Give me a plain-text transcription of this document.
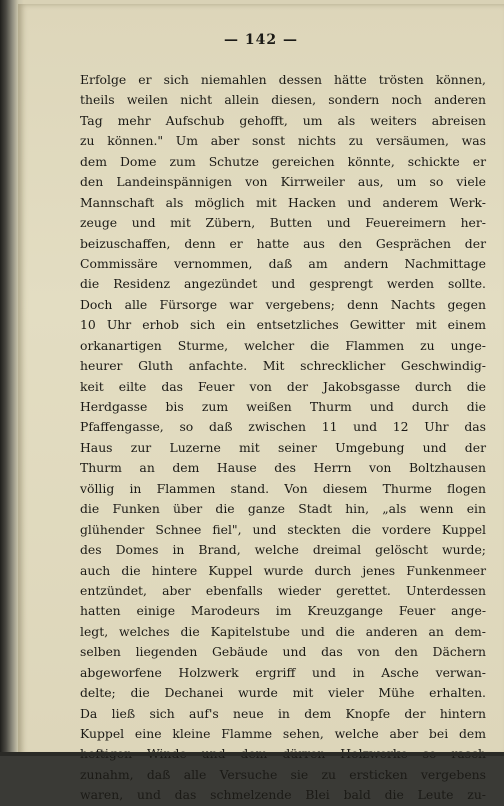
— 142 —
Erfolge er sich niemahlen dessen hätte trösten können,
theils weilen nicht allein diesen, sondern noch anderen
Tag mehr Aufschub gehofft, um als weiters abreisen
zu können." Um aber sonst nichts zu versäumen, was
dem Dome zum Schutze gereichen könnte, schickte er
den Landeinspännigen von Kirrweiler aus, um so viele
Mannschaft als möglich mit Hacken und anderem Werk-
zeuge und mit Zübern, Butten und Feuereimern her-
beizuschaffen, denn er hatte aus den Gesprächen der
Commissäre vernommen, daß am andern Nachmittage
die Residenz angezündet und gesprengt werden sollte.
Doch alle Fürsorge war vergebens; denn Nachts gegen
10 Uhr erhob sich ein entsetzliches Gewitter mit einem
orkanartigen Sturme, welcher die Flammen zu unge-
heurer Gluth anfachte. Mit schrecklicher Geschwindig-
keit eilte das Feuer von der Jakobsgasse durch die
Herdgasse bis zum weißen Thurm und durch die
Pfaffengasse, so daß zwischen 11 und 12 Uhr das
Haus zur Luzerne mit seiner Umgebung und der
Thurm an dem Hause des Herrn von Boltzhausen
völlig in Flammen stand. Von diesem Thurme flogen
die Funken über die ganze Stadt hin, „als wenn ein
glühender Schnee fiel", und steckten die vordere Kuppel
des Domes in Brand, welche dreimal gelöscht wurde;
auch die hintere Kuppel wurde durch jenes Funkenmeer
entzündet, aber ebenfalls wieder gerettet. Unterdessen
hatten einige Marodeurs im Kreuzgange Feuer ange-
legt, welches die Kapitelstube und die anderen an dem-
selben liegenden Gebäude und das von den Dächern
abgeworfene Holzwerk ergriff und in Asche verwan-
delte; die Dechanei wurde mit vieler Mühe erhalten.
Da ließ sich auf's neue in dem Knopfe der hintern
Kuppel eine kleine Flamme sehen, welche aber bei dem
zunahm, daß alle Versuche sie zu ersticken vergebens
waren, und das schmelzende Blei bald die Leute zu-
